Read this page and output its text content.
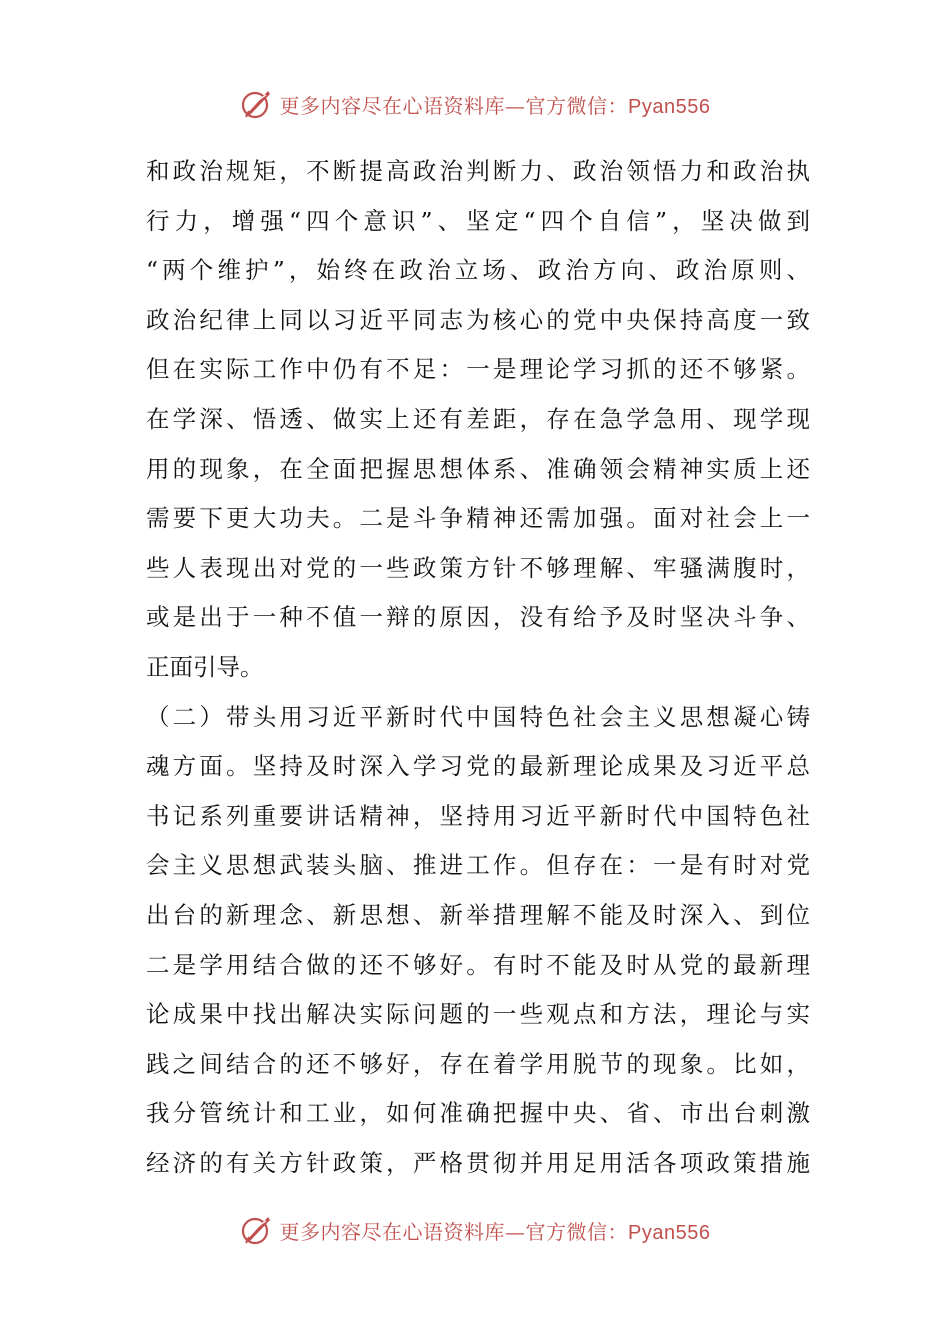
更多内容尽在心语资料库—官方微信：Pyan556
和政治规矩，不断提高政治判断力、政治领悟力和政治执
行力，增强“四个意识”、坚定“四个自信”，坚决做到
“两个维护”，始终在政治立场、政治方向、政治原则、
政治纪律上同以习近平同志为核心的党中央保持高度一致
但在实际工作中仍有不足：一是理论学习抓的还不够紧。
在学深、悟透、做实上还有差距，存在急学急用、现学现
用的现象，在全面把握思想体系、准确领会精神实质上还
需要下更大功夫。二是斗争精神还需加强。面对社会上一
些人表现出对党的一些政策方针不够理解、牢骚满腹时，
或是出于一种不值一辩的原因，没有给予及时坚决斗争、
正面引导。
（二）带头用习近平新时代中国特色社会主义思想凝心铸
魂方面。坚持及时深入学习党的最新理论成果及习近平总
书记系列重要讲话精神，坚持用习近平新时代中国特色社
会主义思想武装头脑、推进工作。但存在：一是有时对党
出台的新理念、新思想、新举措理解不能及时深入、到位
二是学用结合做的还不够好。有时不能及时从党的最新理
论成果中找出解决实际问题的一些观点和方法，理论与实
践之间结合的还不够好，存在着学用脱节的现象。比如，
我分管统计和工业，如何准确把握中央、省、市出台刺激
经济的有关方针政策，严格贯彻并用足用活各项政策措施
更多内容尽在心语资料库—官方微信：Pyan556
